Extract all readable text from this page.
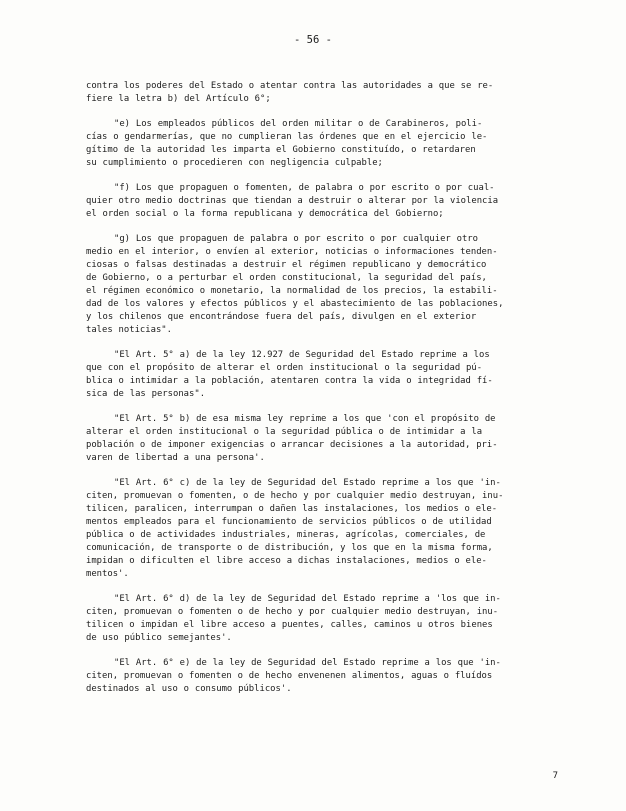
- 56 -
contra los poderes del Estado o atentar contra las autoridades a que se re-
fiere la letra b) del Artículo 6°;
"e) Los empleados públicos del orden militar o de Carabineros, poli-
cías o gendarmerías, que no cumplieran las órdenes que en el ejercicio le-
gítimo de la autoridad les imparta el Gobierno constituído, o retardaren
su cumplimiento o procedieren con negligencia culpable;
"f) Los que propaguen o fomenten, de palabra o por escrito o por cual-
quier otro medio doctrinas que tiendan a destruir o alterar por la violencia
el orden social o la forma republicana y democrática del Gobierno;
"g) Los que propaguen de palabra o por escrito o por cualquier otro
medio en el interior, o envíen al exterior, noticias o informaciones tenden-
ciosas o falsas destinadas a destruir el régimen republicano y democrático
de Gobierno, o a perturbar el orden constitucional, la seguridad del país,
el régimen económico o monetario, la normalidad de los precios, la estabili-
dad de los valores y efectos públicos y el abastecimiento de las poblaciones,
y los chilenos que encontrándose fuera del país, divulgen en el exterior
tales noticias".
"El Art. 5° a) de la ley 12.927 de Seguridad del Estado reprime a los
que con el propósito de alterar el orden institucional o la seguridad pú-
blica o intimidar a la población, atentaren contra la vida o integridad fí-
sica de las personas".
"El Art. 5° b) de esa misma ley reprime a los que 'con el propósito de
alterar el orden institucional o la seguridad pública o de intimidar a la
población o de imponer exigencias o arrancar decisiones a la autoridad, pri-
varen de libertad a una persona'.
"El Art. 6° c) de la ley de Seguridad del Estado reprime a los que 'in-
citen, promuevan o fomenten, o de hecho y por cualquier medio destruyan, inu-
tilicen, paralicen, interrumpan o dañen las instalaciones, los medios o ele-
mentos empleados para el funcionamiento de servicios públicos o de utilidad
pública o de actividades industriales, mineras, agrícolas, comerciales, de
comunicación, de transporte o de distribución, y los que en la misma forma,
impidan o dificulten el libre acceso a dichas instalaciones, medios o ele-
mentos'.
"El Art. 6° d) de la ley de Seguridad del Estado reprime a 'los que in-
citen, promuevan o fomenten o de hecho y por cualquier medio destruyan, inu-
tilicen o impidan el libre acceso a puentes, calles, caminos u otros bienes
de uso público semejantes'.
"El Art. 6° e) de la ley de Seguridad del Estado reprime a los que 'in-
citen, promuevan o fomenten o de hecho envenenen alimentos, aguas o fluídos
destinados al uso o consumo públicos'.
7
